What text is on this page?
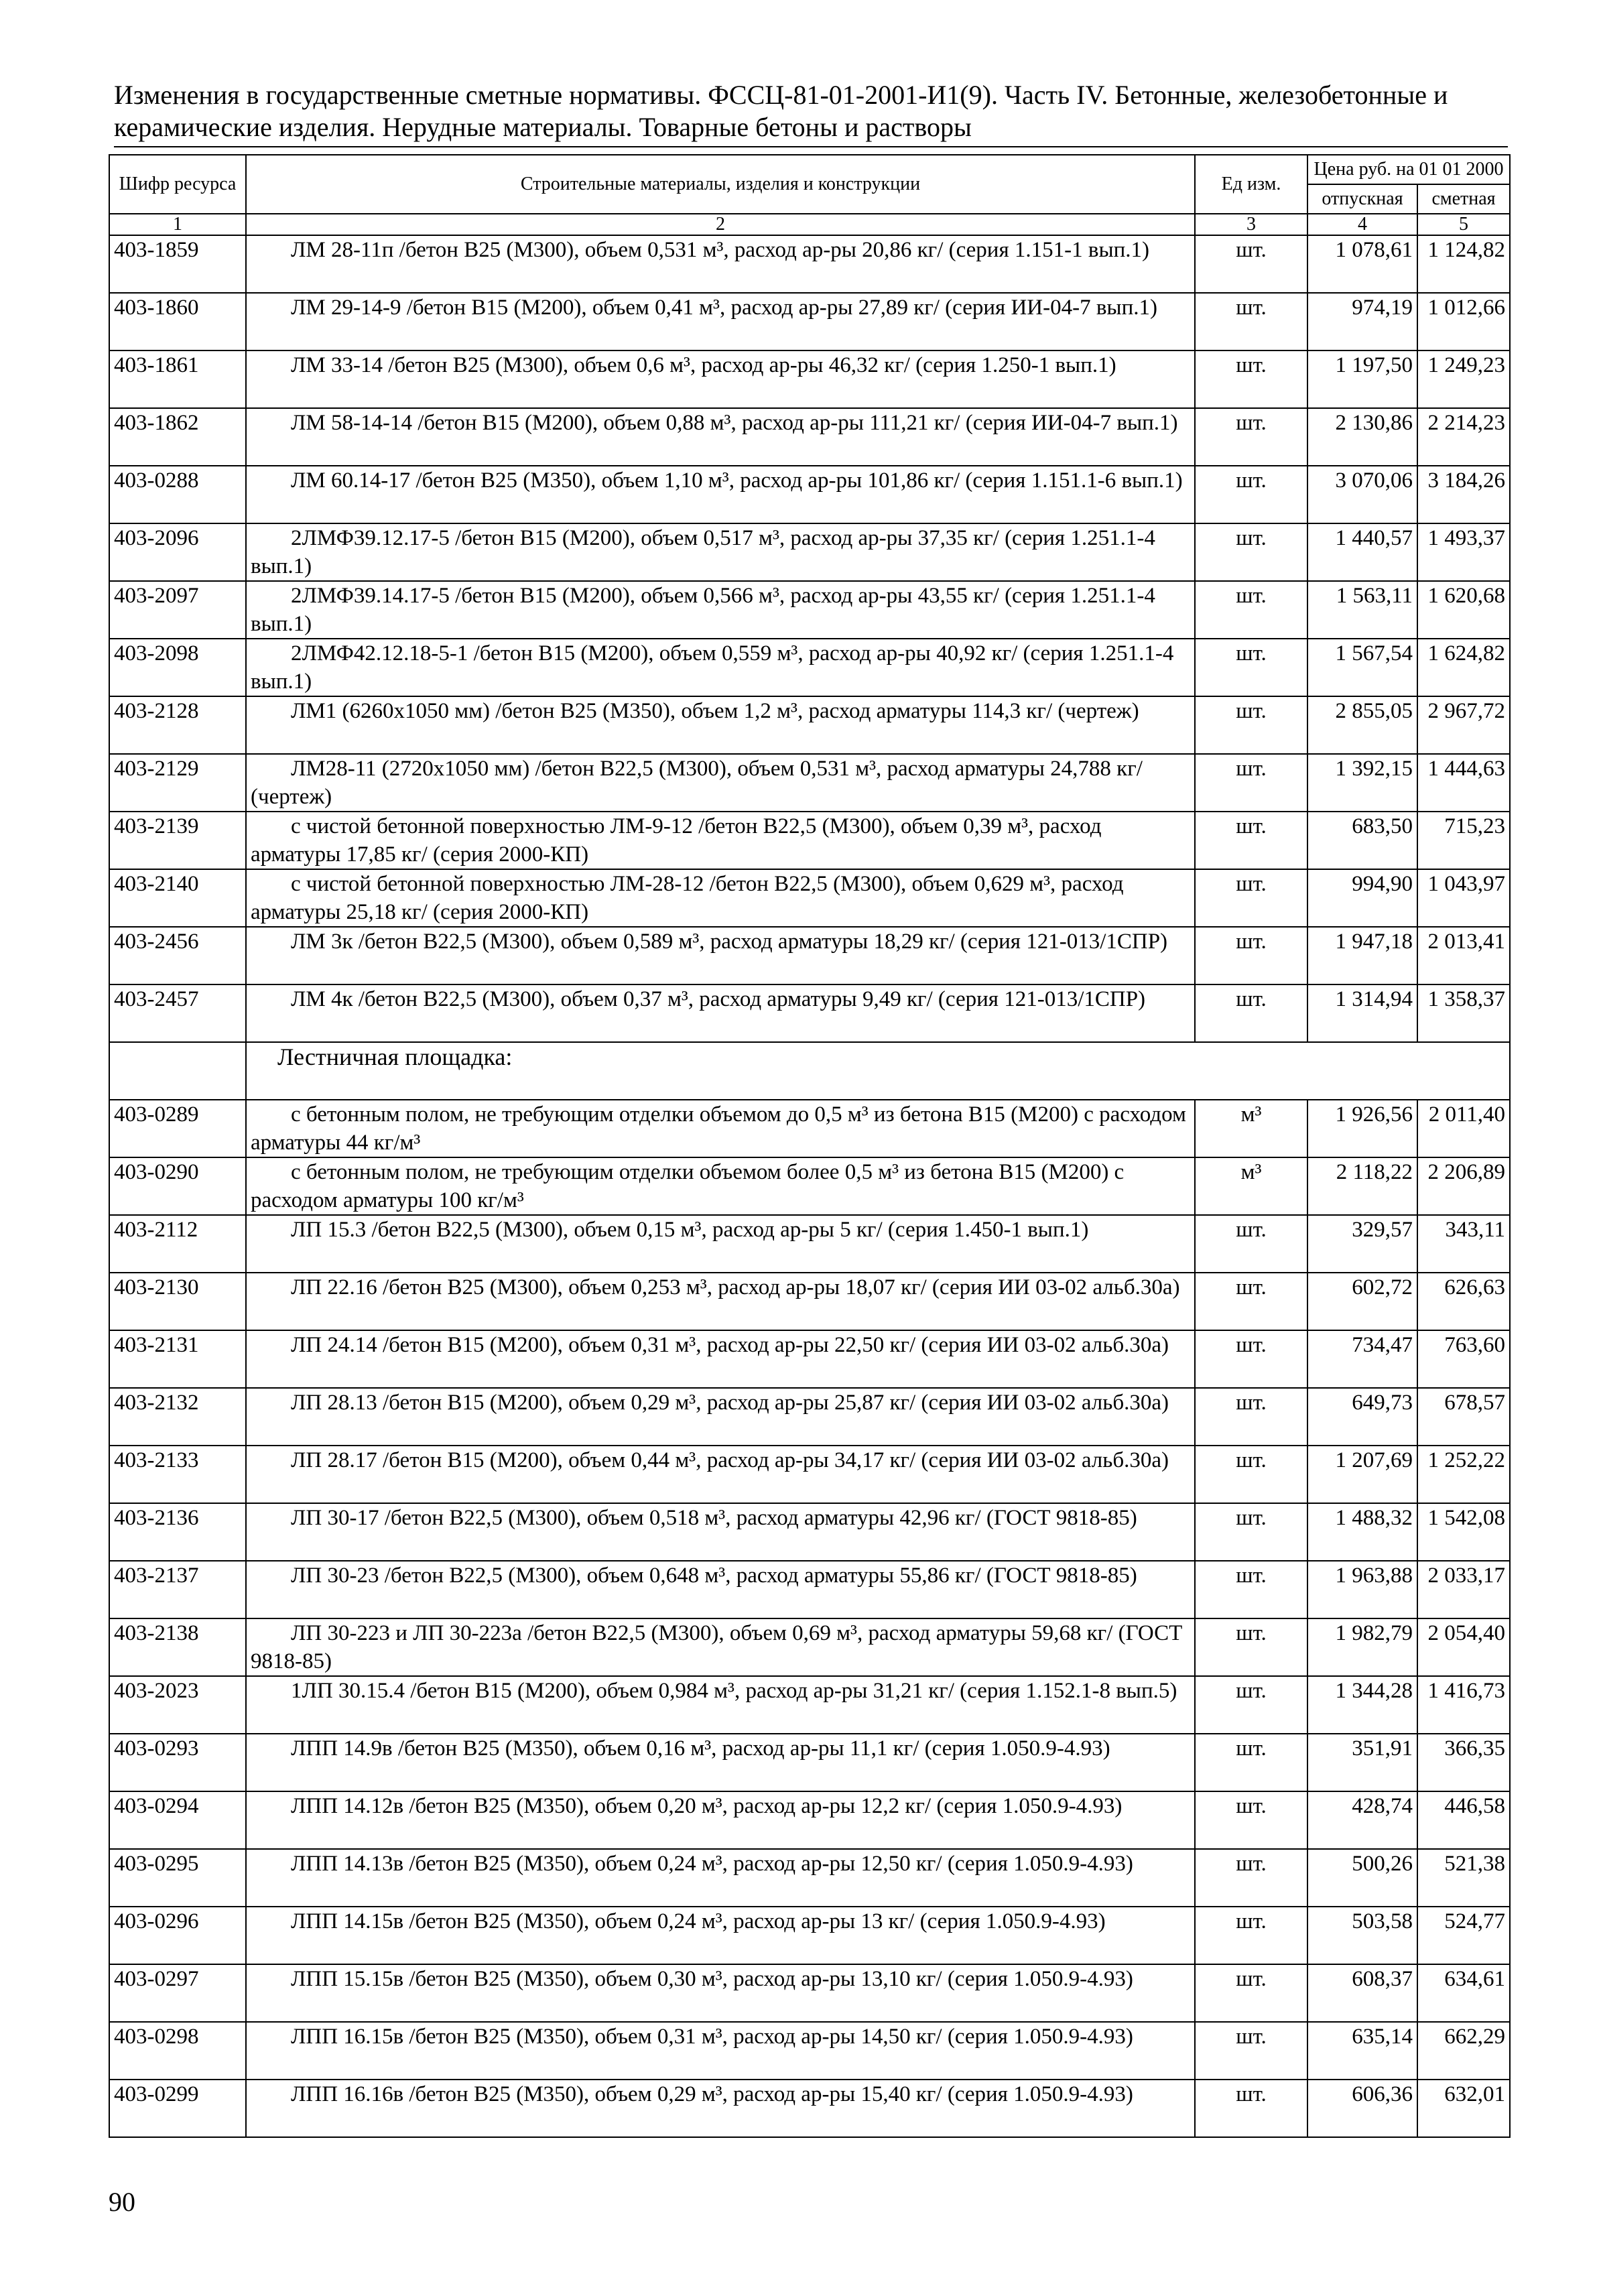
Изменения в государственные сметные нормативы. ФССЦ-81-01-2001-И1(9). Часть IV. Бетонные, железобетонные и
керамические изделия. Нерудные материалы. Товарные бетоны и растворы
Шифр ресурса	Строительные материалы, изделия и конструкции	Ед изм.	Цена руб. на 01 01 2000	
			отпускная	сметная
1	2	3	4	5
403-1859	ЛМ 28-11п /бетон В25 (М300), объем 0,531 м³, расход ар-ры 20,86 кг/ (серия 1.151-1 вып.1)	шт.	1 078,61	1 124,82
403-1860	ЛМ 29-14-9 /бетон В15 (М200), объем 0,41 м³, расход ар-ры 27,89 кг/ (серия ИИ-04-7 вып.1)	шт.	974,19	1 012,66
403-1861	ЛМ 33-14 /бетон В25 (М300), объем 0,6 м³, расход ар-ры 46,32 кг/ (серия 1.250-1 вып.1)	шт.	1 197,50	1 249,23
403-1862	ЛМ 58-14-14 /бетон В15 (М200), объем 0,88 м³, расход ар-ры 111,21 кг/ (серия ИИ-04-7 вып.1)	шт.	2 130,86	2 214,23
403-0288	ЛМ 60.14-17 /бетон В25 (М350), объем 1,10 м³, расход ар-ры 101,86 кг/ (серия 1.151.1-6 вып.1)	шт.	3 070,06	3 184,26
403-2096	2ЛМФ39.12.17-5 /бетон В15 (М200), объем 0,517 м³, расход ар-ры 37,35 кг/ (серия 1.251.1-4 вып.1)	шт.	1 440,57	1 493,37
403-2097	2ЛМФ39.14.17-5 /бетон В15 (М200), объем 0,566 м³, расход ар-ры 43,55 кг/ (серия 1.251.1-4 вып.1)	шт.	1 563,11	1 620,68
403-2098	2ЛМФ42.12.18-5-1 /бетон В15 (М200), объем 0,559 м³, расход ар-ры 40,92 кг/ (серия 1.251.1-4 вып.1)	шт.	1 567,54	1 624,82
403-2128	ЛМ1 (6260х1050 мм) /бетон В25 (М350), объем 1,2 м³, расход арматуры 114,3 кг/ (чертеж)	шт.	2 855,05	2 967,72
403-2129	ЛМ28-11 (2720х1050 мм) /бетон В22,5 (М300), объем 0,531 м³, расход арматуры 24,788 кг/ (чертеж)	шт.	1 392,15	1 444,63
403-2139	с чистой бетонной поверхностью ЛМ-9-12 /бетон В22,5 (М300), объем 0,39 м³, расход арматуры 17,85 кг/ (серия 2000-КП)	шт.	683,50	715,23
403-2140	с чистой бетонной поверхностью ЛМ-28-12 /бетон В22,5 (М300), объем 0,629 м³, расход арматуры 25,18 кг/ (серия 2000-КП)	шт.	994,90	1 043,97
403-2456	ЛМ 3к /бетон В22,5 (М300), объем 0,589 м³, расход арматуры 18,29 кг/ (серия 121-013/1СПР)	шт.	1 947,18	2 013,41
403-2457	ЛМ 4к /бетон В22,5 (М300), объем 0,37 м³, расход арматуры 9,49 кг/ (серия 121-013/1СПР)	шт.	1 314,94	1 358,37
	Лестничная площадка:			
403-0289	с бетонным полом, не требующим отделки объемом до 0,5 м³ из бетона В15 (М200) с расходом арматуры 44 кг/м³	м³	1 926,56	2 011,40
403-0290	с бетонным полом, не требующим отделки объемом более 0,5 м³ из бетона В15 (М200) с расходом арматуры 100 кг/м³	м³	2 118,22	2 206,89
403-2112	ЛП 15.3 /бетон В22,5 (М300), объем 0,15 м³, расход ар-ры 5 кг/ (серия 1.450-1 вып.1)	шт.	329,57	343,11
403-2130	ЛП 22.16 /бетон В25 (М300), объем 0,253 м³, расход ар-ры 18,07 кг/ (серия ИИ 03-02 альб.30а)	шт.	602,72	626,63
403-2131	ЛП 24.14 /бетон В15 (М200), объем 0,31 м³, расход ар-ры 22,50 кг/ (серия ИИ 03-02 альб.30а)	шт.	734,47	763,60
403-2132	ЛП 28.13 /бетон В15 (М200), объем 0,29 м³, расход ар-ры 25,87 кг/ (серия ИИ 03-02 альб.30а)	шт.	649,73	678,57
403-2133	ЛП 28.17 /бетон В15 (М200), объем 0,44 м³, расход ар-ры 34,17 кг/ (серия ИИ 03-02 альб.30а)	шт.	1 207,69	1 252,22
403-2136	ЛП 30-17 /бетон В22,5 (М300), объем 0,518 м³, расход арматуры 42,96 кг/ (ГОСТ 9818-85)	шт.	1 488,32	1 542,08
403-2137	ЛП 30-23 /бетон В22,5 (М300), объем 0,648 м³, расход арматуры 55,86 кг/ (ГОСТ 9818-85)	шт.	1 963,88	2 033,17
403-2138	ЛП 30-223 и ЛП 30-223а /бетон В22,5 (М300), объем 0,69 м³, расход арматуры 59,68 кг/ (ГОСТ 9818-85)	шт.	1 982,79	2 054,40
403-2023	1ЛП 30.15.4 /бетон В15 (М200), объем 0,984 м³, расход ар-ры 31,21 кг/ (серия 1.152.1-8 вып.5)	шт.	1 344,28	1 416,73
403-0293	ЛПП 14.9в /бетон В25 (М350), объем 0,16 м³, расход ар-ры 11,1 кг/ (серия 1.050.9-4.93)	шт.	351,91	366,35
403-0294	ЛПП 14.12в /бетон В25 (М350), объем 0,20 м³, расход ар-ры 12,2 кг/ (серия 1.050.9-4.93)	шт.	428,74	446,58
403-0295	ЛПП 14.13в /бетон В25 (М350), объем 0,24 м³, расход ар-ры 12,50 кг/ (серия 1.050.9-4.93)	шт.	500,26	521,38
403-0296	ЛПП 14.15в /бетон В25 (М350), объем 0,24 м³, расход ар-ры 13 кг/ (серия 1.050.9-4.93)	шт.	503,58	524,77
403-0297	ЛПП 15.15в /бетон В25 (М350), объем 0,30 м³, расход ар-ры 13,10 кг/ (серия 1.050.9-4.93)	шт.	608,37	634,61
403-0298	ЛПП 16.15в /бетон В25 (М350), объем 0,31 м³, расход ар-ры 14,50 кг/ (серия 1.050.9-4.93)	шт.	635,14	662,29
403-0299	ЛПП 16.16в /бетон В25 (М350), объем 0,29 м³, расход ар-ры 15,40 кг/ (серия 1.050.9-4.93)	шт.	606,36	632,01
90
